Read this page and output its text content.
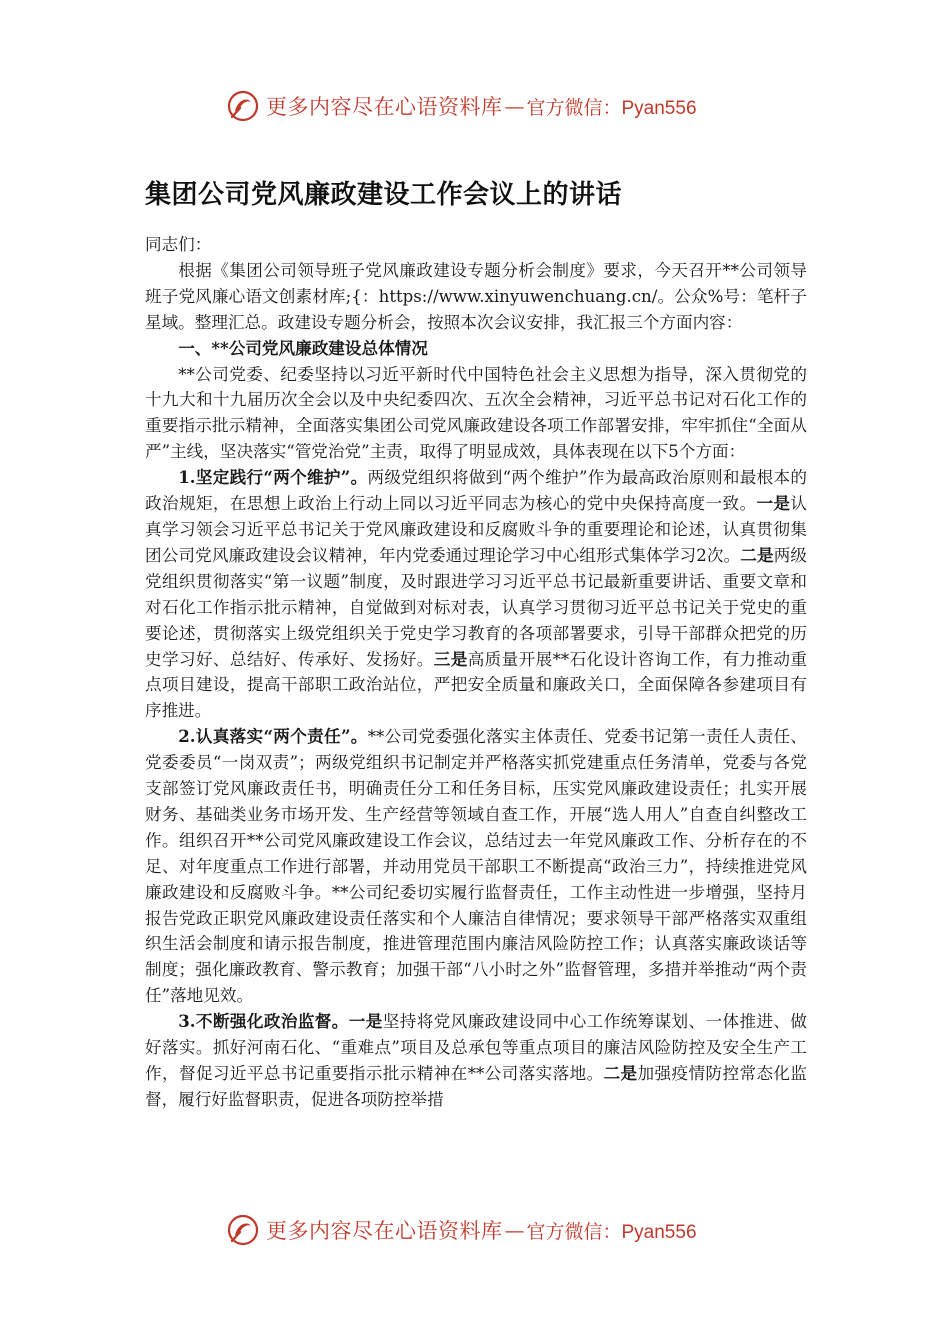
更多内容尽在心语资料库 — 官方微信：Pyan556
集团公司党风廉政建设工作会议上的讲话

同志们：

根据《集团公司领导班子党风廉政建设专题分析会制度》要求，今天召开**公司领导班子党风廉心语文创素材库;{：https://www.xinyuwenchuang.cn/。公众%号：笔杆子星域。整理汇总。政建设专题分析会，按照本次会议安排，我汇报三个方面内容：

一、**公司党风廉政建设总体情况

**公司党委、纪委坚持以习近平新时代中国特色社会主义思想为指导，深入贯彻党的十九大和十九届历次全会以及中央纪委四次、五次全会精神，习近平总书记对石化工作的重要指示批示精神，全面落实集团公司党风廉政建设各项工作部署安排，牢牢抓住“全面从严”主线，坚决落实“管党治党”主责，取得了明显成效，具体表现在以下5个方面：

1.坚定践行“两个维护”。两级党组织将做到“两个维护”作为最高政治原则和最根本的政治规矩，在思想上政治上行动上同以习近平同志为核心的党中央保持高度一致。一是认真学习领会习近平总书记关于党风廉政建设和反腐败斗争的重要理论和论述，认真贯彻集团公司党风廉政建设会议精神，年内党委通过理论学习中心组形式集体学习2次。二是两级党组织贯彻落实“第一议题”制度，及时跟进学习习近平总书记最新重要讲话、重要文章和对石化工作指示批示精神，自觉做到对标对表，认真学习贯彻习近平总书记关于党史的重要论述，贯彻落实上级党组织关于党史学习教育的各项部署要求，引导干部群众把党的历史学习好、总结好、传承好、发扬好。三是高质量开展**石化设计咨询工作，有力推动重点项目建设，提高干部职工政治站位，严把安全质量和廉政关口，全面保障各参建项目有序推进。

2.认真落实“两个责任”。**公司党委强化落实主体责任、党委书记第一责任人责任、党委委员“一岗双责”；两级党组织书记制定并严格落实抓党建重点任务清单，党委与各党支部签订党风廉政责任书，明确责任分工和任务目标，压实党风廉政建设责任；扎实开展财务、基础类业务市场开发、生产经营等领域自查工作，开展“选人用人”自查自纠整改工作。组织召开**公司党风廉政建设工作会议，总结过去一年党风廉政工作、分析存在的不足、对年度重点工作进行部署，并动用党员干部职工不断提高“政治三力”，持续推进党风廉政建设和反腐败斗争。**公司纪委切实履行监督责任，工作主动性进一步增强，坚持月报告党政正职党风廉政建设责任落实和个人廉洁自律情况；要求领导干部严格落实双重组织生活会制度和请示报告制度，推进管理范围内廉洁风险防控工作；认真落实廉政谈话等制度；强化廉政教育、警示教育；加强干部“八小时之外”监督管理，多措并举推动“两个责任”落地见效。

3.不断强化政治监督。一是坚持将党风廉政建设同中心工作统筹谋划、一体推进、做好落实。抓好河南石化、“重难点”项目及总承包等重点项目的廉洁风险防控及安全生产工作，督促习近平总书记重要指示批示精神在**公司落实落地。二是加强疫情防控常态化监督，履行好监督职责，促进各项防控举措

更多内容尽在心语资料库 — 官方微信：Pyan556
